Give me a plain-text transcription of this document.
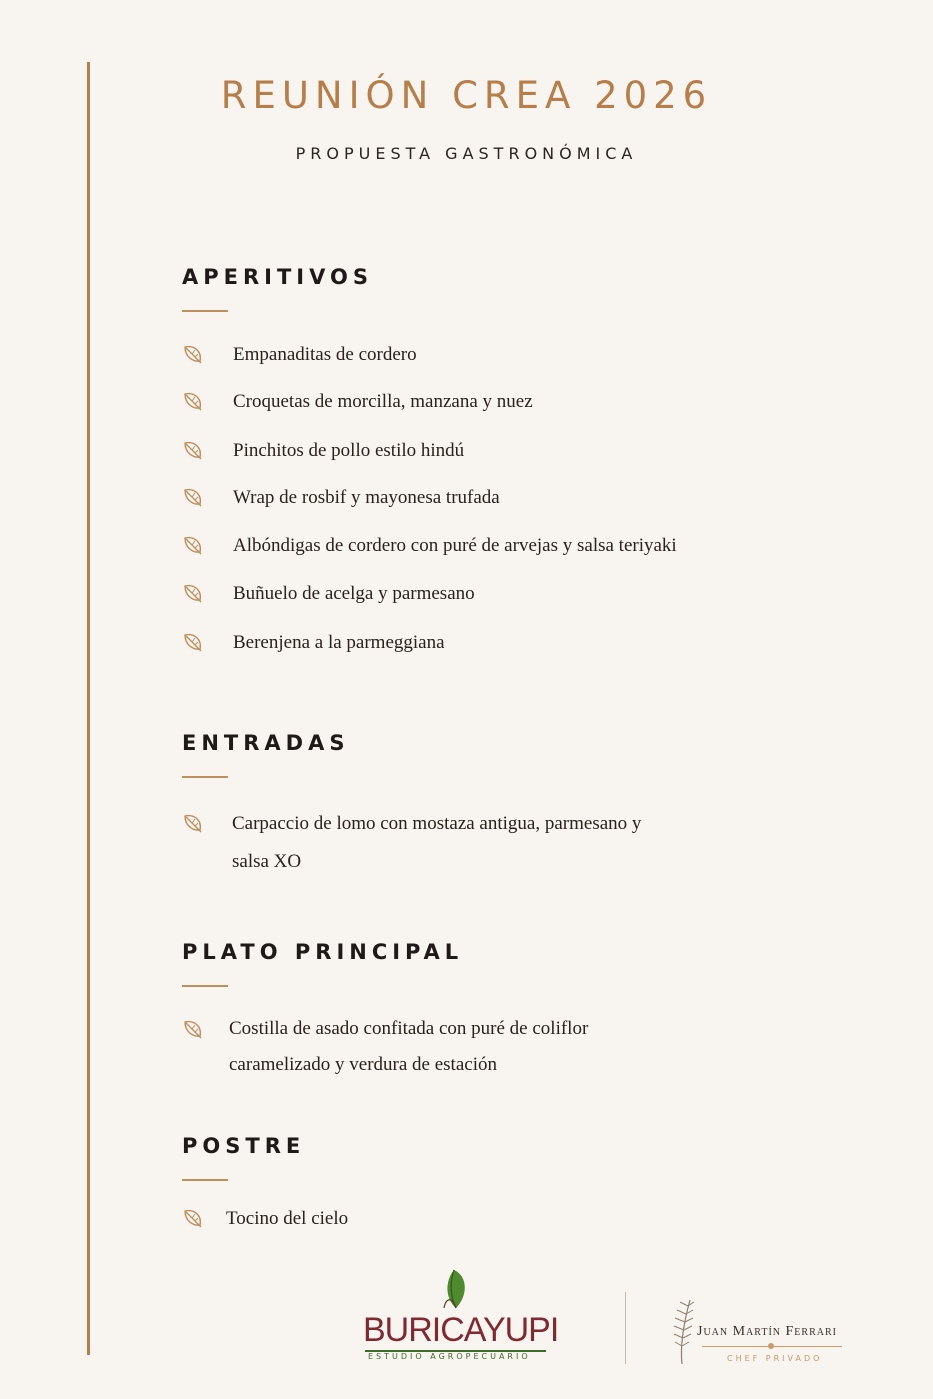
REUNIÓN CREA 2026
PROPUESTA GASTRONÓMICA
APERITIVOS
Empanaditas de cordero
Croquetas de morcilla, manzana y nuez
Pinchitos de pollo estilo hindú
Wrap de rosbif y mayonesa trufada
Albóndigas de cordero con puré de arvejas y salsa teriyaki
Buñuelo de acelga y parmesano
Berenjena a la parmeggiana
ENTRADAS
Carpaccio de lomo con mostaza antigua, parmesano y salsa XO
PLATO PRINCIPAL
Costilla de asado confitada con puré de coliflor caramelizado y verdura de estación
POSTRE
Tocino del cielo
BURICAYUPI
ESTUDIO AGROPECUARIO
Juan Martín Ferrari
CHEF PRIVADO
